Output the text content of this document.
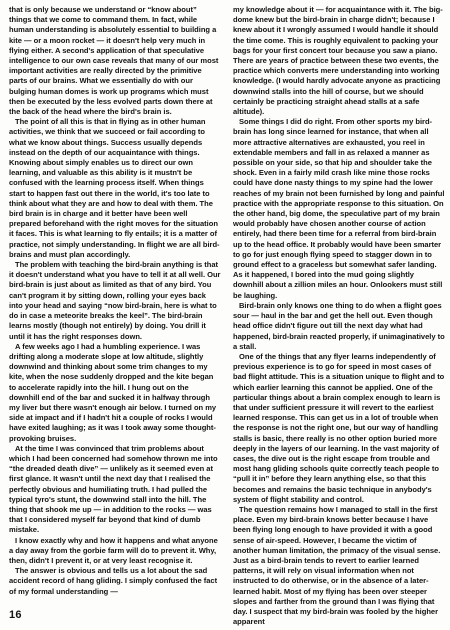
that is only because we understand or “know about” things that we come to command them. In fact, while human understanding is absolutely essential to building a kite — or a moon rocket — it doesn't help very much in flying either. A second's application of that speculative intelligence to our own case reveals that many of our most important activities are really directed by the primitive parts of our brains. What we essentially do with our bulging human domes is work up programs which must then be executed by the less evolved parts down there at the back of the head where the bird's brain is.

The point of all this is that in flying as in other human activities, we think that we succeed or fail according to what we know about things. Success usually depends instead on the depth of our acquaintance with things. Knowing about simply enables us to direct our own learning, and valuable as this ability is it mustn't be confused with the learning process itself. When things start to happen fast out there in the world, it's too late to think about what they are and how to deal with them. The bird brain is in charge and it better have been well prepared beforehand with the right moves for the situation it faces. This is what learning to fly entails; it is a matter of practice, not simply understanding. In flight we are all bird-brains and must plan accordingly.

The problem with teaching the bird-brain anything is that it doesn't understand what you have to tell it at all well. Our bird-brain is just about as limited as that of any bird. You can't program it by sitting down, rolling your eyes back into your head and saying “now bird-brain, here is what to do in case a meteorite breaks the keel”. The bird-brain learns mostly (though not entirely) by doing. You drill it until it has the right responses down.

A few weeks ago I had a humbling experience. I was drifting along a moderate slope at low altitude, slightly downwind and thinking about some trim changes to my kite, when the nose suddenly dropped and the kite began to accelerate rapidly into the hill. I hung out on the downhill end of the bar and sucked it in halfway through my liver but there wasn't enough air below. I turned on my side at impact and if I hadn't hit a couple of rocks I would have exited laughing; as it was I took away some thought-provoking bruises.

At the time I was convinced that trim problems about which I had been concerned had somehow thrown me into “the dreaded death dive” — unlikely as it seemed even at first glance. It wasn't until the next day that I realised the perfectly obvious and humiliating truth. I had pulled the typical tyro's stunt, the downwind stall into the hill. The thing that shook me up — in addition to the rocks — was that I considered myself far beyond that kind of dumb mistake.

I know exactly why and how it happens and what anyone a day away from the gorbie farm will do to prevent it. Why, then, didn't I prevent it, or at very least recognise it.

The answer is obvious and tells us a lot about the sad accident record of hang gliding. I simply confused the fact of my formal understanding —

my knowledge about it — for acquaintance with it. The big-dome knew but the bird-brain in charge didn't; because I knew about it I wrongly assumed I would handle it should the time come. This is roughly equivalent to packing your bags for your first concert tour because you saw a piano. There are years of practice between these two events, the practice which converts mere understanding into working knowledge. (I would hardly advocate anyone as practicing downwind stalls into the hill of course, but we should certainly be practicing straight ahead stalls at a safe altitude).

Some things I did do right. From other sports my bird-brain has long since learned for instance, that when all more attractive alternatives are exhausted, you reel in extendable members and fall in as relaxed a manner as possible on your side, so that hip and shoulder take the shock. Even in a fairly mild crash like mine those rocks could have done nasty things to my spine had the lower reaches of my brain not been furnished by long and painful practice with the appropriate response to this situation. On the other hand, big dome, the speculative part of my brain would probably have chosen another course of action entirely, had there been time for a referral from bird-brain up to the head office. It probably would have been smarter to go for just enough flying speed to stagger down in to ground effect to a graceless but somewhat safer landing. As it happened, I bored into the mud going slightly downhill about a zillion miles an hour. Onlookers must still be laughing.

Bird-brain only knows one thing to do when a flight goes sour — haul in the bar and get the hell out. Even though head office didn't figure out till the next day what had happened, bird-brain reacted properly, if unimaginatively to a stall.

One of the things that any flyer learns independently of previous experience is to go for speed in most cases of bad flight attitude. This is a situation unique to flight and to which earlier learning this cannot be applied. One of the particular things about a brain complex enough to learn is that under sufficient pressure it will revert to the earliest learned response. This can get us in a lot of trouble when the response is not the right one, but our way of handling stalls is basic, there really is no other option buried more deeply in the layers of our learning. In the vast majority of cases, the dive out is the right escape from trouble and most hang gliding schools quite correctly teach people to “pull it in” before they learn anything else, so that this becomes and remains the basic technique in anybody's system of flight stability and control.

The question remains how I managed to stall in the first place. Even my bird-brain knows better because I have been flying long enough to have provided it with a good sense of air-speed. However, I became the victim of another human limitation, the primacy of the visual sense. Just as a bird-brain tends to revert to earlier learned patterns, it will rely on visual information when not instructed to do otherwise, or in the absence of a later-learned habit. Most of my flying has been over steeper slopes and farther from the ground than I was flying that day. I suspect that my bird-brain was fooled by the higher apparent

16
